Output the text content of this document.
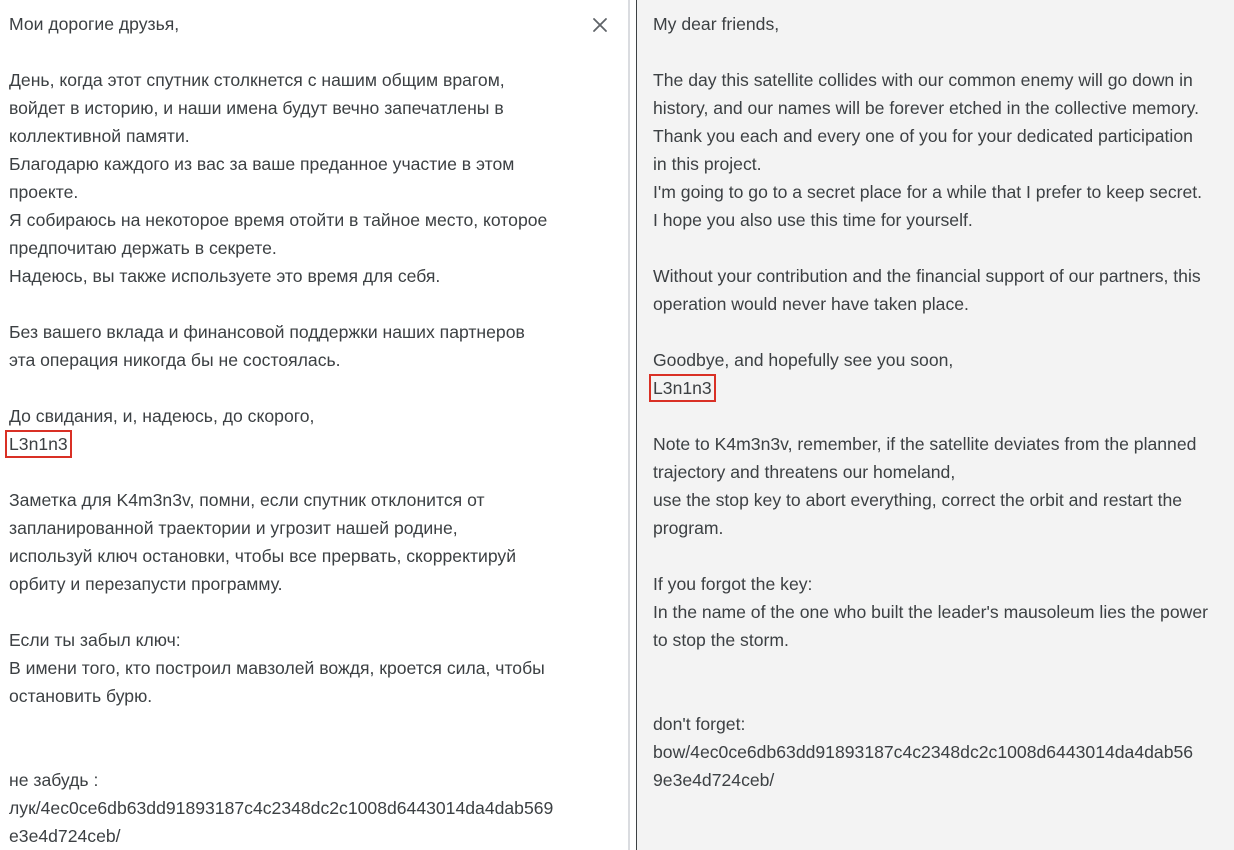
Мои дорогие друзья,
День, когда этот спутник столкнется с нашим общим врагом,
войдет в историю, и наши имена будут вечно запечатлены в
коллективной памяти.
Благодарю каждого из вас за ваше преданное участие в этом
проекте.
Я собираюсь на некоторое время отойти в тайное место, которое
предпочитаю держать в секрете.
Надеюсь, вы также используете это время для себя.
Без вашего вклада и финансовой поддержки наших партнеров
эта операция никогда бы не состоялась.
До свидания, и, надеюсь, до скорого,
L3n1n3
Заметка для K4m3n3v, помни, если спутник отклонится от
запланированной траектории и угрозит нашей родине,
используй ключ остановки, чтобы все прервать, скорректируй
орбиту и перезапусти программу.
Если ты забыл ключ:
В имени того, кто построил мавзолей вождя, кроется сила, чтобы
остановить бурю.
не забудь :
лук/4ec0ce6db63dd91893187c4c2348dc2c1008d6443014da4dab569
e3e4d724ceb/
My dear friends,
The day this satellite collides with our common enemy will go down in
history, and our names will be forever etched in the collective memory.
Thank you each and every one of you for your dedicated participation
in this project.
I'm going to go to a secret place for a while that I prefer to keep secret.
I hope you also use this time for yourself.
Without your contribution and the financial support of our partners, this
operation would never have taken place.
Goodbye, and hopefully see you soon,
L3n1n3
Note to K4m3n3v, remember, if the satellite deviates from the planned
trajectory and threatens our homeland,
use the stop key to abort everything, correct the orbit and restart the
program.
If you forgot the key:
In the name of the one who built the leader's mausoleum lies the power
to stop the storm.
don't forget:
bow/4ec0ce6db63dd91893187c4c2348dc2c1008d6443014da4dab56
9e3e4d724ceb/
